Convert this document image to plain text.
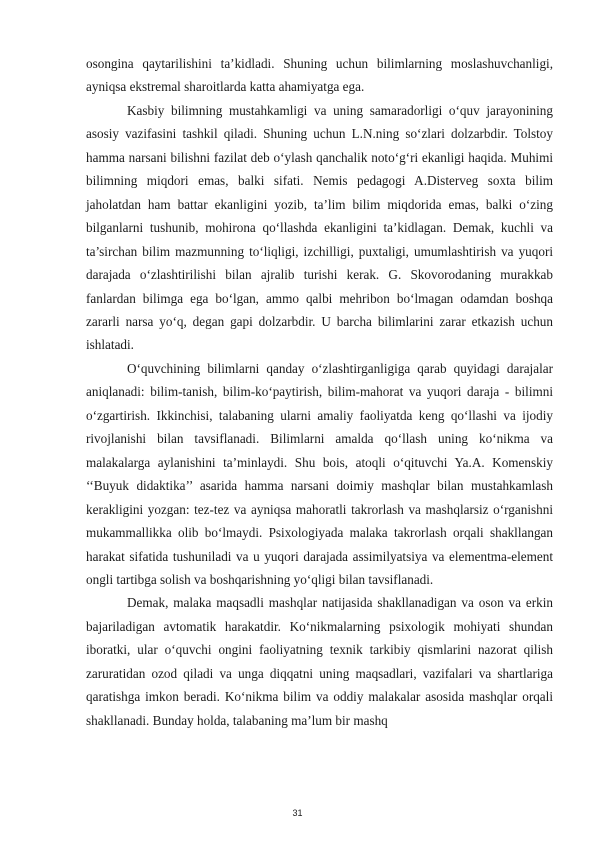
osongina qaytarilishini ta’kidladi. Shuning uchun bilimlarning moslashuvchanligi, ayniqsa ekstremal sharoitlarda katta ahamiyatga ega.

Kasbiy bilimning mustahkamligi va uning samaradorligi o‘quv jarayonining asosiy vazifasini tashkil qiladi. Shuning uchun L.N.ning so‘zlari dolzarbdir. Tolstoy hamma narsani bilishni fazilat deb o‘ylash qanchalik noto‘g‘ri ekanligi haqida. Muhimi bilimning miqdori emas, balki sifati. Nemis pedagogi A.Disterveg soxta bilim jaholatdan ham battar ekanligini yozib, ta’lim bilim miqdorida emas, balki o‘zing bilganlarni tushunib, mohirona qo‘llashda ekanligini ta’kidlagan. Demak, kuchli va ta’sirchan bilim mazmunning to‘liqligi, izchilligi, puxtaligi, umumlashtirish va yuqori darajada o‘zlashtirilishi bilan ajralib turishi kerak. G. Skovorodaning murakkab fanlardan bilimga ega bo‘lgan, ammo qalbi mehribon bo‘lmagan odamdan boshqa zararli narsa yo‘q, degan gapi dolzarbdir. U barcha bilimlarini zarar etkazish uchun ishlatadi.

O‘quvchining bilimlarni qanday o‘zlashtirganligiga qarab quyidagi darajalar aniqlanadi: bilim-tanish, bilim-ko‘paytirish, bilim-mahorat va yuqori daraja - bilimni o‘zgartirish. Ikkinchisi, talabaning ularni amaliy faoliyatda keng qo‘llashi va ijodiy rivojlanishi bilan tavsiflanadi. Bilimlarni amalda qo‘llash uning ko‘nikma va malakalarga aylanishini ta’minlaydi. Shu bois, atoqli o‘qituvchi Ya.A. Komenskiy ‘‘Buyuk didaktika’’ asarida hamma narsani doimiy mashqlar bilan mustahkamlash kerakligini yozgan: tez-tez va ayniqsa mahoratli takrorlash va mashqlarsiz o‘rganishni mukammallikka olib bo‘lmaydi. Psixologiyada malaka takrorlash orqali shakllangan harakat sifatida tushuniladi va u yuqori darajada assimilyatsiya va elementma-element ongli tartibga solish va boshqarishning yo‘qligi bilan tavsiflanadi.

Demak, malaka maqsadli mashqlar natijasida shakllanadigan va oson va erkin bajariladigan avtomatik harakatdir. Ko‘nikmalarning psixologik mohiyati shundan iboratki, ular o‘quvchi ongini faoliyatning texnik tarkibiy qismlarini nazorat qilish zaruratidan ozod qiladi va unga diqqatni uning maqsadlari, vazifalari va shartlariga qaratishga imkon beradi. Ko‘nikma bilim va oddiy malakalar asosida mashqlar orqali shakllanadi. Bunday holda, talabaning ma’lum bir mashq

31
